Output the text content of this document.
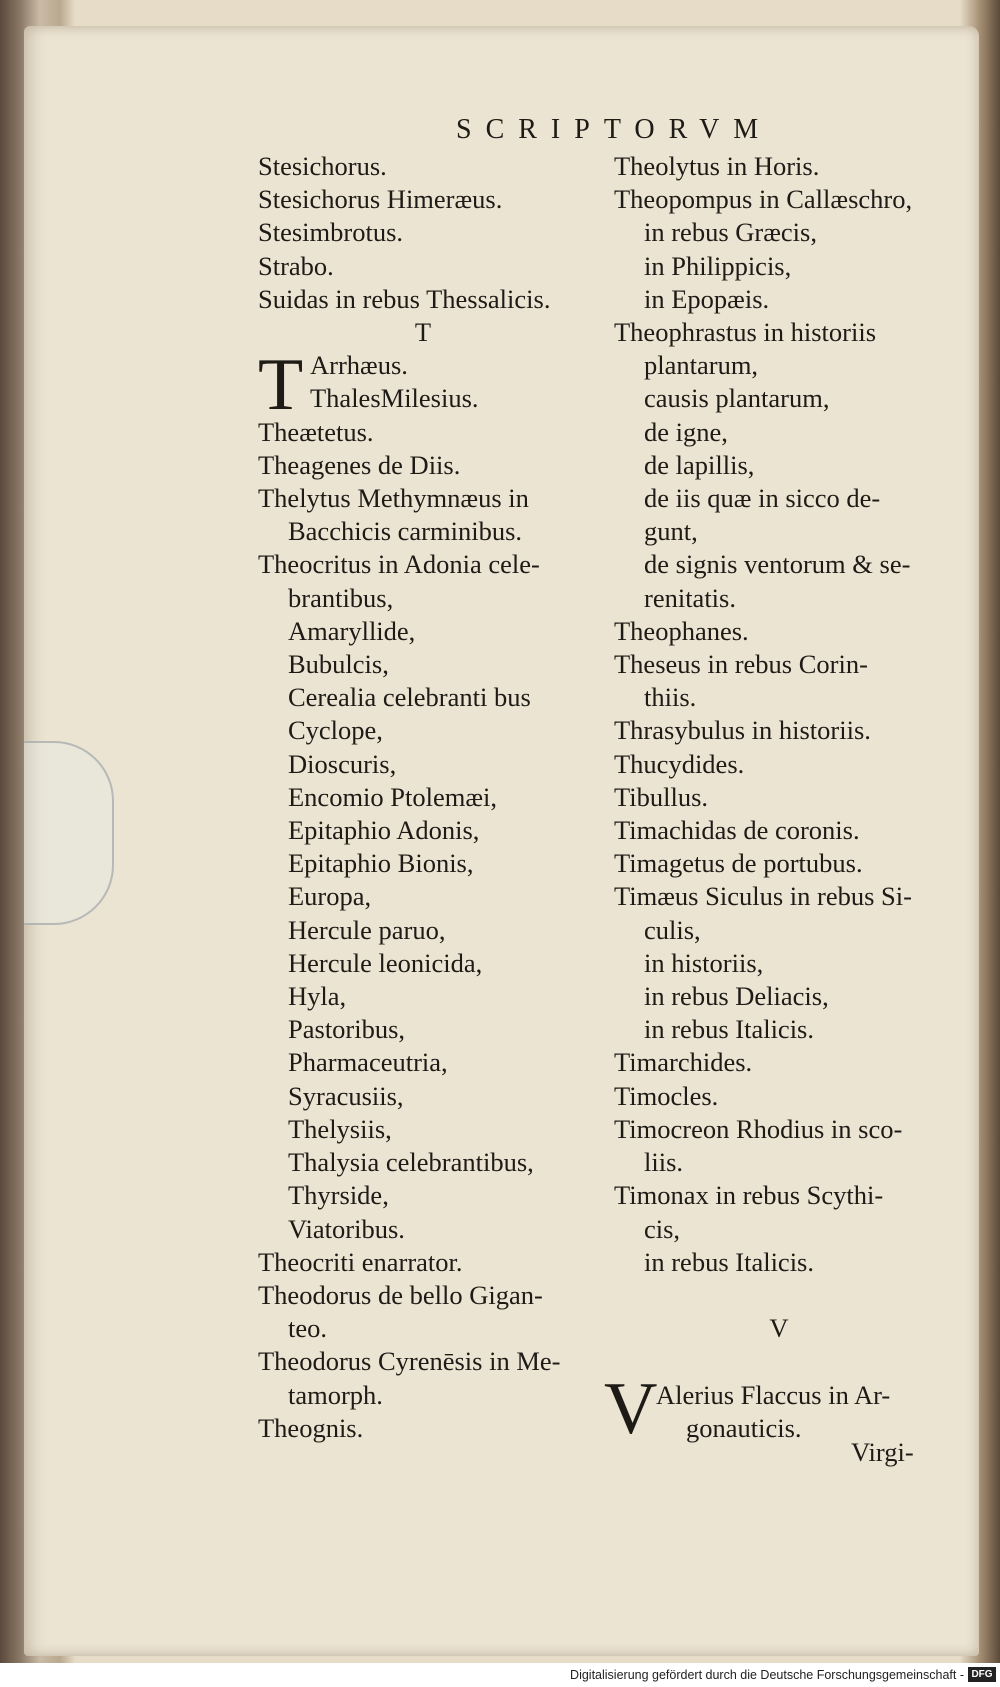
SCRIPTORVM
Stesichorus.
Stesichorus Himeræus.
Stesimbrotus.
Strabo.
Suidas in rebus Thessalicis.
T
Arrhæus.
ThalesMilesius.
Theætetus.
Theagenes de Diis.
Thelytus Methymnæus in
Bacchicis carminibus.
Theocritus in Adonia cele-
brantibus,
Amaryllide,
Bubulcis,
Cerealia celebranti bus
Cyclope,
Dioscuris,
Encomio Ptolemæi,
Epitaphio Adonis,
Epitaphio Bionis,
Europa,
Hercule paruo,
Hercule leonicida,
Hyla,
Pastoribus,
Pharmaceutria,
Syracusiis,
Thelysiis,
Thalysia celebrantibus,
Thyrside,
Viatoribus.
Theocriti enarrator.
Theodorus de bello Gigan-
teo.
Theodorus Cyrenēsis in Me-
tamorph.
Theognis.
T
Theolytus in Horis.
Theopompus in Callæschro,
in rebus Græcis,
in Philippicis,
in Epopæis.
Theophrastus in historiis
plantarum,
causis plantarum,
de igne,
de lapillis,
de iis quæ in sicco de-
gunt,
de signis ventorum & se-
renitatis.
Theophanes.
Theseus in rebus Corin-
thiis.
Thrasybulus in historiis.
Thucydides.
Tibullus.
Timachidas de coronis.
Timagetus de portubus.
Timæus Siculus in rebus Si-
culis,
in historiis,
in rebus Deliacis,
in rebus Italicis.
Timarchides.
Timocles.
Timocreon Rhodius in sco-
liis.
Timonax in rebus Scythi-
cis,
in rebus Italicis.

V

Alerius Flaccus in Ar-
gonauticis.
V
Virgi-
Digitalisierung gefördert durch die Deutsche Forschungsgemeinschaft - DFG
